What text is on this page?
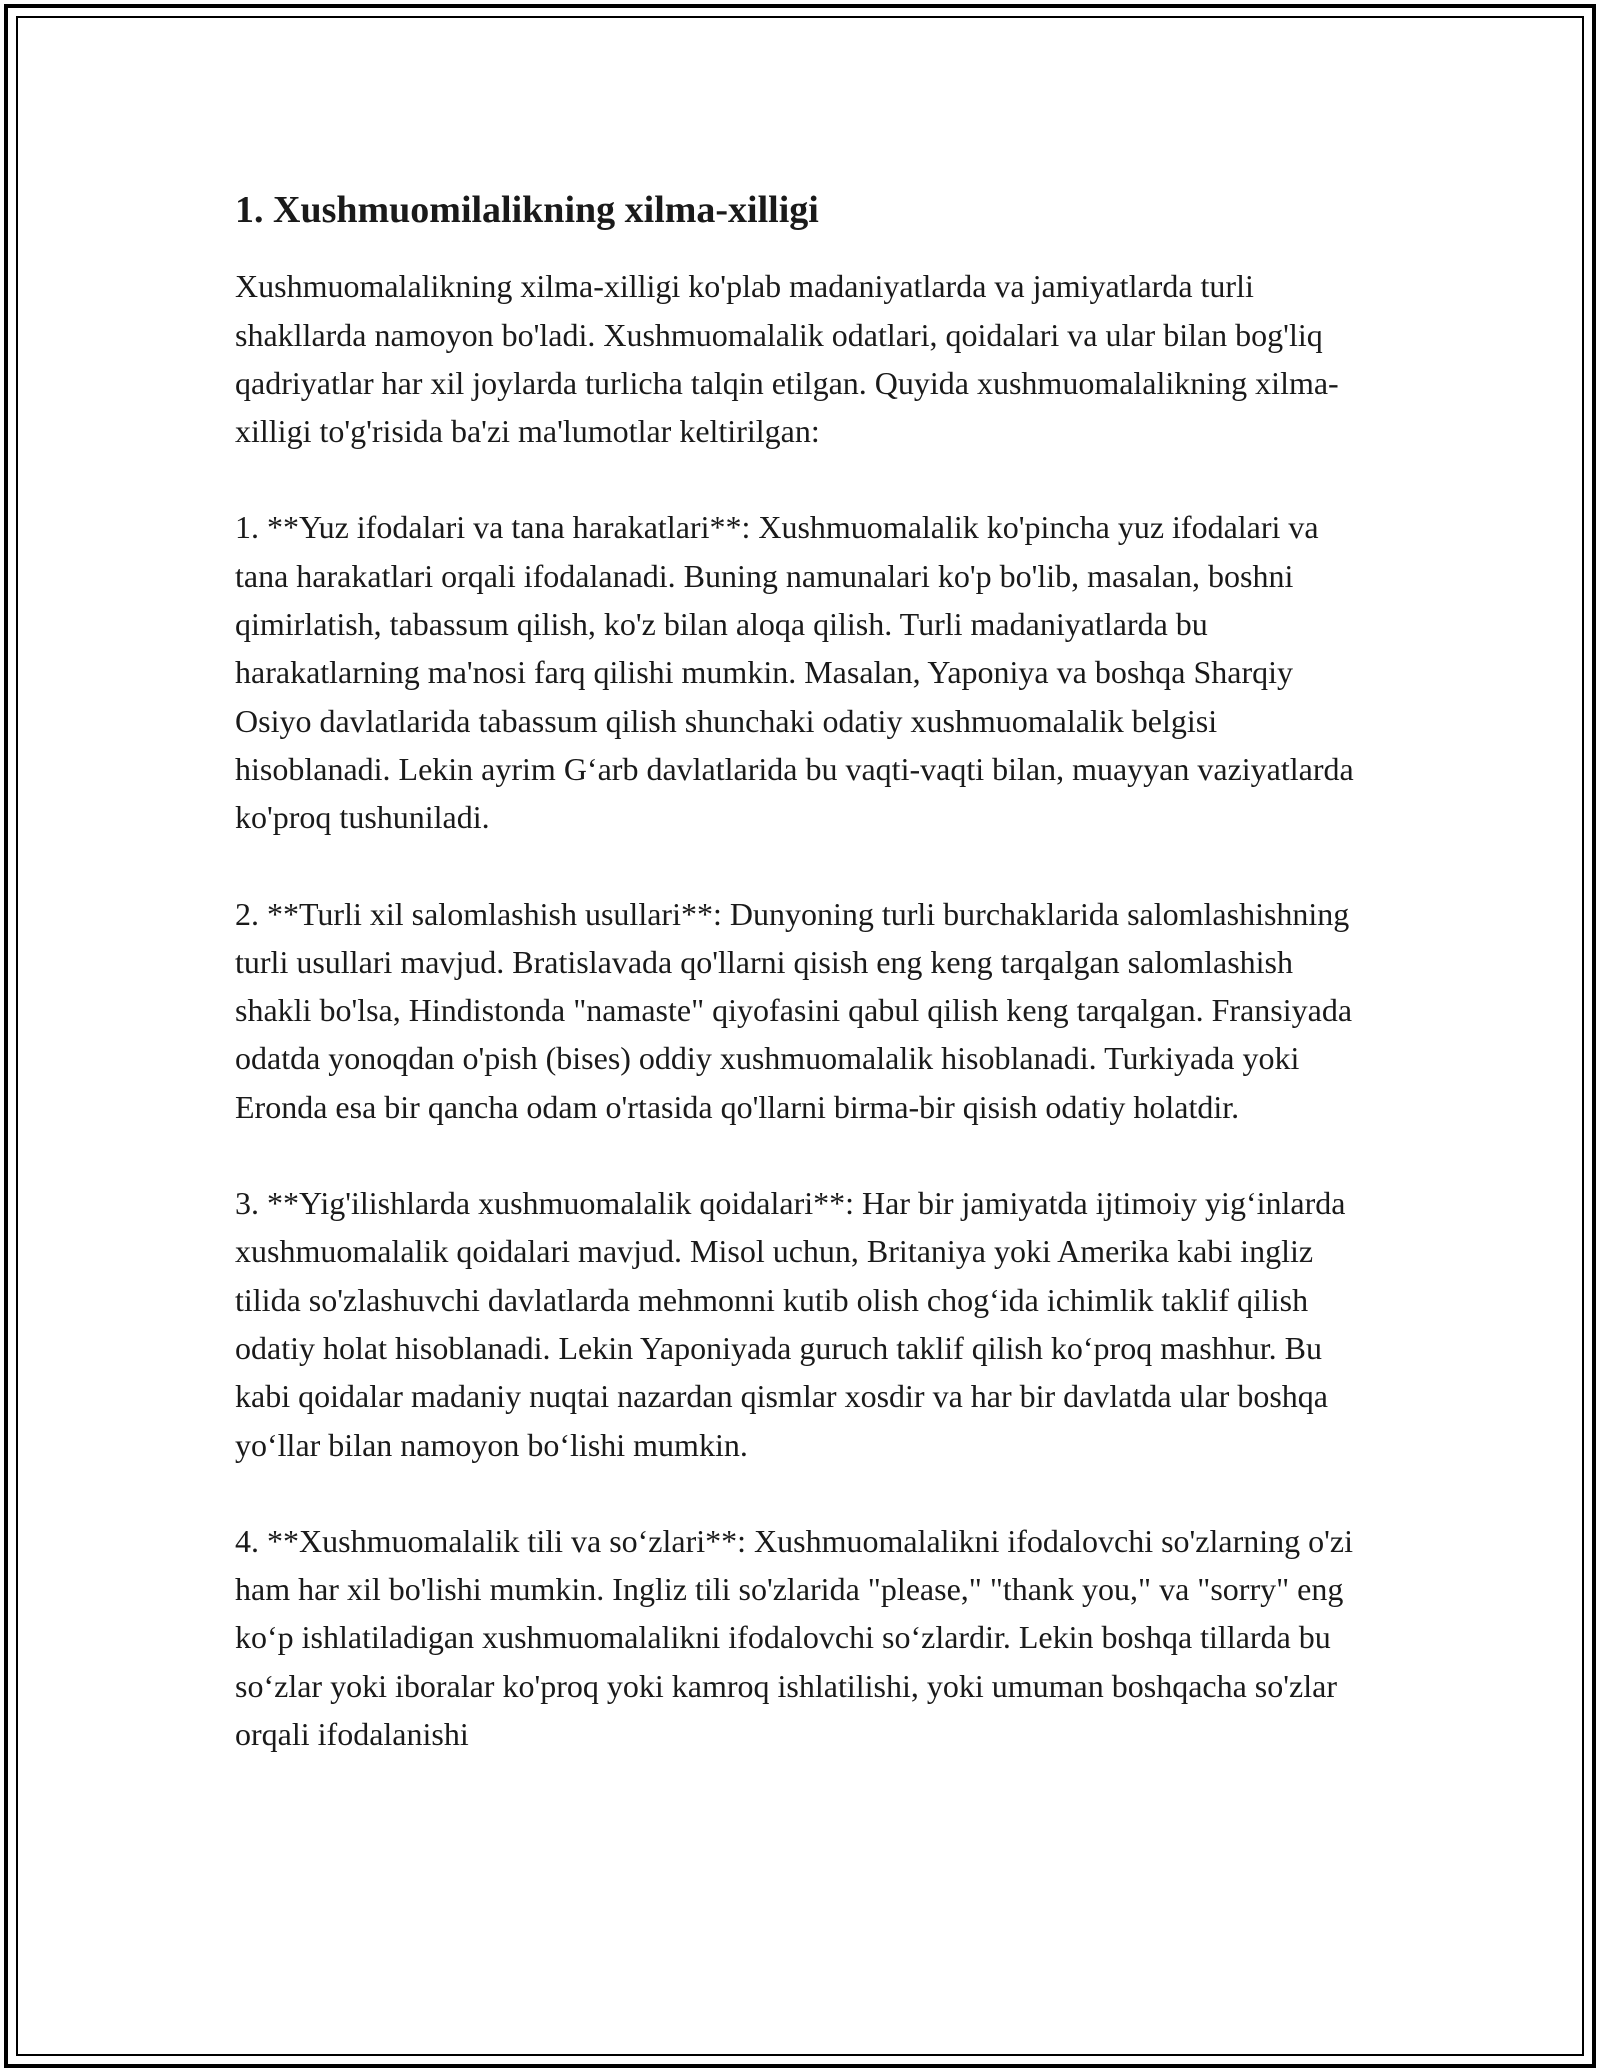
1. Xushmuomilalikning xilma-xilligi

Xushmuomalalikning xilma-xilligi ko'plab madaniyatlarda va jamiyatlarda turli shakllarda namoyon bo'ladi. Xushmuomalalik odatlari, qoidalari va ular bilan bog'liq qadriyatlar har xil joylarda turlicha talqin etilgan. Quyida xushmuomalalikning xilma-xilligi to'g'risida ba'zi ma'lumotlar keltirilgan:

1. **Yuz ifodalari va tana harakatlari**: Xushmuomalalik ko'pincha yuz ifodalari va tana harakatlari orqali ifodalanadi. Buning namunalari ko'p bo'lib, masalan, boshni qimirlatish, tabassum qilish, ko'z bilan aloqa qilish. Turli madaniyatlarda bu harakatlarning ma'nosi farq qilishi mumkin. Masalan, Yaponiya va boshqa Sharqiy Osiyo davlatlarida tabassum qilish shunchaki odatiy xushmuomalalik belgisi hisoblanadi. Lekin ayrim G‘arb davlatlarida bu vaqti-vaqti bilan, muayyan vaziyatlarda ko'proq tushuniladi.

2. **Turli xil salomlashish usullari**: Dunyoning turli burchaklarida salomlashishning turli usullari mavjud. Bratislavada qo'llarni qisish eng keng tarqalgan salomlashish shakli bo'lsa, Hindistonda "namaste" qiyofasini qabul qilish keng tarqalgan. Fransiyada odatda yonoqdan o'pish (bises) oddiy xushmuomalalik hisoblanadi. Turkiyada yoki Eronda esa bir qancha odam o'rtasida qo'llarni birma-bir qisish odatiy holatdir.

3. **Yig'ilishlarda xushmuomalalik qoidalari**: Har bir jamiyatda ijtimoiy yig‘inlarda xushmuomalalik qoidalari mavjud. Misol uchun, Britaniya yoki Amerika kabi ingliz tilida so'zlashuvchi davlatlarda mehmonni kutib olish chog‘ida ichimlik taklif qilish odatiy holat hisoblanadi. Lekin Yaponiyada guruch taklif qilish ko‘proq mashhur. Bu kabi qoidalar madaniy nuqtai nazardan qismlar xosdir va har bir davlatda ular boshqa yo‘llar bilan namoyon bo‘lishi mumkin.

4. **Xushmuomalalik tili va so‘zlari**: Xushmuomalalikni ifodalovchi so'zlarning o'zi ham har xil bo'lishi mumkin. Ingliz tili so'zlarida "please," "thank you," va "sorry" eng ko‘p ishlatiladigan xushmuomalalikni ifodalovchi so‘zlardir. Lekin boshqa tillarda bu so‘zlar yoki iboralar ko'proq yoki kamroq ishlatilishi, yoki umuman boshqacha so'zlar orqali ifodalanishi
